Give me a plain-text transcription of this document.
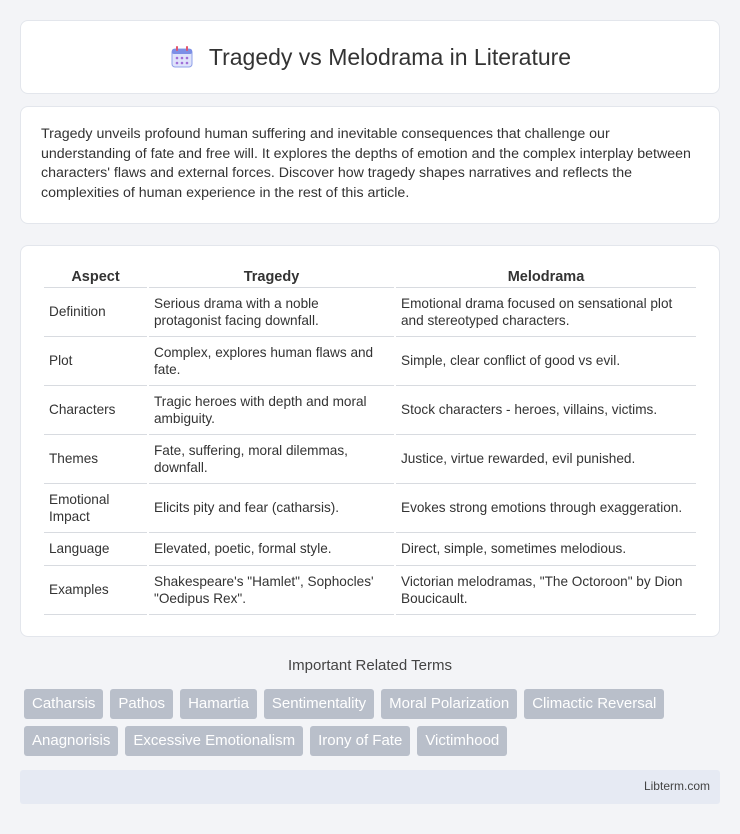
Tragedy vs Melodrama in Literature

Tragedy unveils profound human suffering and inevitable consequences that challenge our understanding of fate and free will. It explores the depths of emotion and the complex interplay between characters' flaws and external forces. Discover how tragedy shapes narratives and reflects the complexities of human experience in the rest of this article.

Aspect	Tragedy	Melodrama
Definition	Serious drama with a noble protagonist facing downfall.	Emotional drama focused on sensational plot and stereotyped characters.
Plot	Complex, explores human flaws and fate.	Simple, clear conflict of good vs evil.
Characters	Tragic heroes with depth and moral ambiguity.	Stock characters - heroes, villains, victims.
Themes	Fate, suffering, moral dilemmas, downfall.	Justice, virtue rewarded, evil punished.
Emotional Impact	Elicits pity and fear (catharsis).	Evokes strong emotions through exaggeration.
Language	Elevated, poetic, formal style.	Direct, simple, sometimes melodious.
Examples	Shakespeare's "Hamlet", Sophocles' "Oedipus Rex".	Victorian melodramas, "The Octoroon" by Dion Boucicault.
Important Related Terms
Catharsis	Pathos	Hamartia	Sentimentality	Moral Polarization	Climactic Reversal
Anagnorisis	Excessive Emotionalism	Irony of Fate	Victimhood
Libterm.com
